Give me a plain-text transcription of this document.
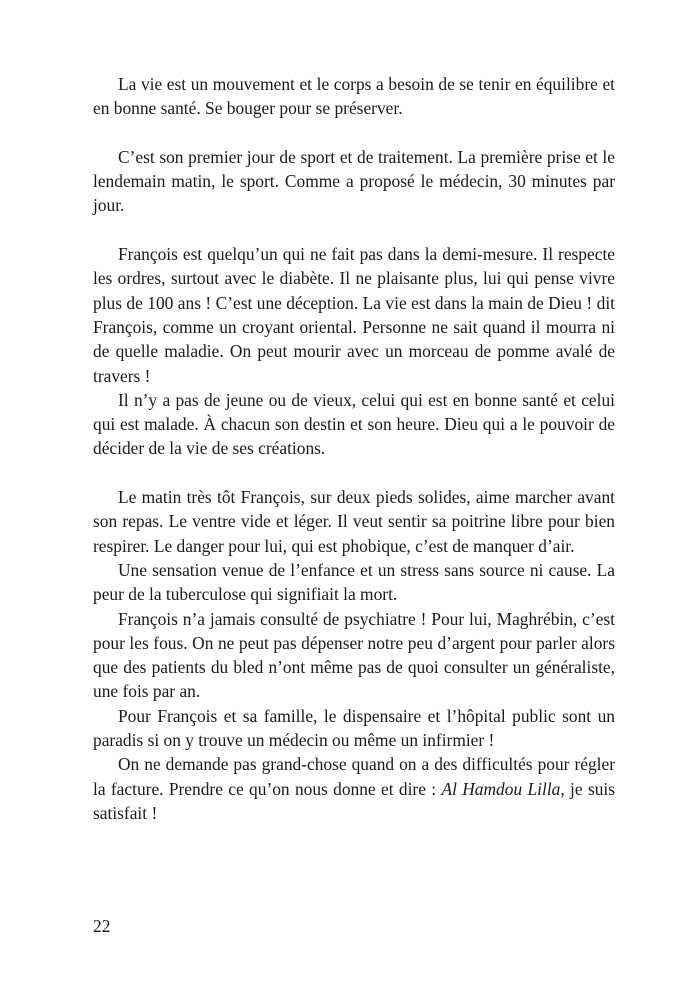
La vie est un mouvement et le corps a besoin de se tenir en équilibre et en bonne santé. Se bouger pour se préserver.

C’est son premier jour de sport et de traitement. La première prise et le lendemain matin, le sport. Comme a proposé le médecin, 30 minutes par jour.

François est quelqu’un qui ne fait pas dans la demi-mesure. Il respecte les ordres, surtout avec le diabète. Il ne plaisante plus, lui qui pense vivre plus de 100 ans ! C’est une déception. La vie est dans la main de Dieu ! dit François, comme un croyant oriental. Personne ne sait quand il mourra ni de quelle maladie. On peut mourir avec un morceau de pomme avalé de travers !

Il n’y a pas de jeune ou de vieux, celui qui est en bonne santé et celui qui est malade. À chacun son destin et son heure. Dieu qui a le pouvoir de décider de la vie de ses créations.

Le matin très tôt François, sur deux pieds solides, aime marcher avant son repas. Le ventre vide et léger. Il veut sentir sa poitrine libre pour bien respirer. Le danger pour lui, qui est phobique, c’est de manquer d’air.

Une sensation venue de l’enfance et un stress sans source ni cause. La peur de la tuberculose qui signifiait la mort.

François n’a jamais consulté de psychiatre ! Pour lui, Maghrébin, c’est pour les fous. On ne peut pas dépenser notre peu d’argent pour parler alors que des patients du bled n’ont même pas de quoi consulter un généraliste, une fois par an.

Pour François et sa famille, le dispensaire et l’hôpital public sont un paradis si on y trouve un médecin ou même un infirmier !

On ne demande pas grand-chose quand on a des difficultés pour régler la facture. Prendre ce qu’on nous donne et dire : Al Hamdou Lilla, je suis satisfait !

22
